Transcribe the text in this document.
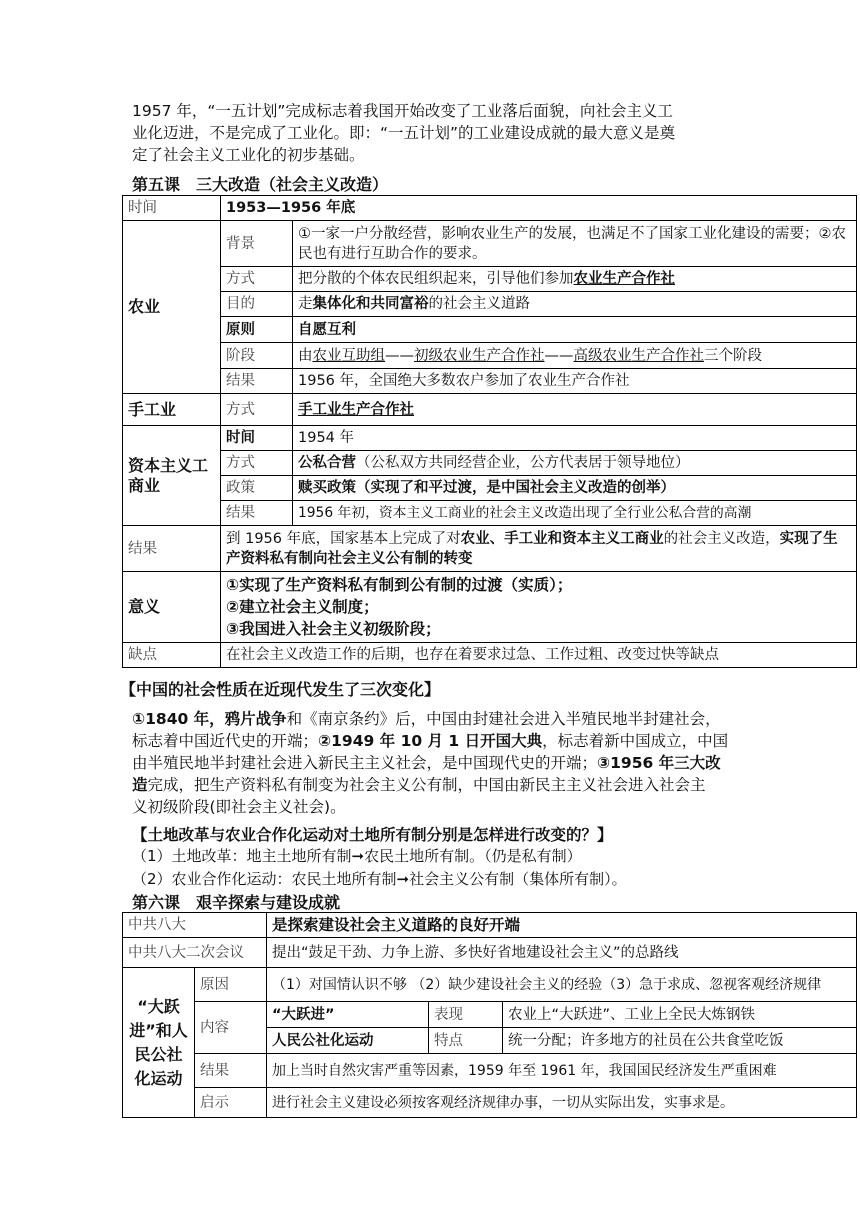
1957 年，“一五计划”完成标志着我国开始改变了工业落后面貌，向社会主义工
业化迈进，不是完成了工业化。即：“一五计划”的工业建设成就的最大意义是奠
定了社会主义工业化的初步基础。
第五课　三大改造（社会主义改造）
时间	1953—1956 年底	
农业	背景	①一家一户分散经营，影响农业生产的发展，也满足不了国家工业化建设的需要；②农民也有进行互助合作的要求。
	方式	把分散的个体农民组织起来，引导他们参加农业生产合作社
	目的	走集体化和共同富裕的社会主义道路
	原则	自愿互利
	阶段	由农业互助组——初级农业生产合作社——高级农业生产合作社三个阶段
	结果	1956 年，全国绝大多数农户参加了农业生产合作社
手工业	方式	手工业生产合作社
资本主义工商业	时间	1954 年
	方式	公私合营（公私双方共同经营企业，公方代表居于领导地位）
	政策	赎买政策（实现了和平过渡，是中国社会主义改造的创举）
	结果	1956 年初，资本主义工商业的社会主义改造出现了全行业公私合营的高潮
结果	到 1956 年底，国家基本上完成了对农业、手工业和资本主义工商业的社会主义改造，实现了生产资料私有制向社会主义公有制的转变	
意义	①实现了生产资料私有制到公有制的过渡（实质）；
②建立社会主义制度；
③我国进入社会主义初级阶段；	

缺点	在社会主义改造工作的后期，也存在着要求过急、工作过粗、改变过快等缺点	
【中国的社会性质在近现代发生了三次变化】
①1840 年，鸦片战争和《南京条约》后，中国由封建社会进入半殖民地半封建社会，
标志着中国近代史的开端；②1949 年 10 月 1 日开国大典，标志着新中国成立，中国
由半殖民地半封建社会进入新民主主义社会，是中国现代史的开端；③1956 年三大改
造完成，把生产资料私有制变为社会主义公有制，中国由新民主主义社会进入社会主
义初级阶段(即社会主义社会)。
【土地改革与农业合作化运动对土地所有制分别是怎样进行改变的？】
（1）土地改革：地主土地所有制➞农民土地所有制。（仍是私有制）
（2）农业合作化运动：农民土地所有制➞社会主义公有制（集体所有制）。
第六课　艰辛探索与建设成就
中共八大		是探索建设社会主义道路的良好开端		
中共八大二次会议		提出“鼓足干劲、力争上游、多快好省地建设社会主义”的总路线		
“大跃进”和人民公社化运动	原因	（1）对国情认识不够 （2）缺少建设社会主义的经验（3）急于求成、忽视客观经济规律		
	内容	“大跃进”	表现	农业上“大跃进”、工业上全民大炼钢铁
		人民公社化运动	特点	统一分配；许多地方的社员在公共食堂吃饭
	结果	加上当时自然灾害严重等因素，1959 年至 1961 年，我国国民经济发生严重困难		
	启示	进行社会主义建设必须按客观经济规律办事，一切从实际出发，实事求是。		
